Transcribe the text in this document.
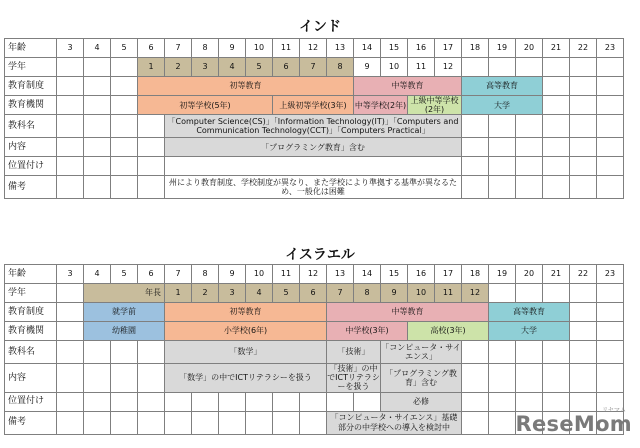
インド
年齢	3	4	5	6	7	8	9	10	11	12	13	14	15	16	17	18	19	20	21	22	23
学年				1	2	3	4	5	6	7	8	9	10	11	12						
教育制度				初等教育								中等教育				高等教育					
教育機関				初等学校(5年)					上級初等学校(3年)			中等学校(2年)		上級中等学校(2年)		大学					
教科名					「Computer Science(CS)」「Information Technology(IT)」「Computers and Communication Technology(CCT)」「Computers Practical」																
内容					「プログラミング教育」含む																
位置付け																					
備考					州により教育制度、学校制度が異なり、また学校により準拠する基準が異なるため、一般化は困難																
イスラエル
年齢	3	4	5	6	7	8	9	10	11	12	13	14	15	16	17	18	19	20	21	22	23
学年		年長			1	2	3	4	5	6	7	8	9	10	11	12					
教育制度		就学前			初等教育						中等教育						高等教育				
教育機関		幼稚園			小学校(6年)						中学校(3年)			高校(3年)			大学				
教科名					「数学」						「技術」		「コンピュータ・サイエンス」								
内容					「数学」の中でICTリテラシーを扱う						「技術」の中でICTリテラシーを扱う		「プログラミング教育」含む								
位置付け													必修								
備考											「コンピュータ・サイエンス」基礎部分の中学校への導入を検討中										
リセマム
ReseMom
